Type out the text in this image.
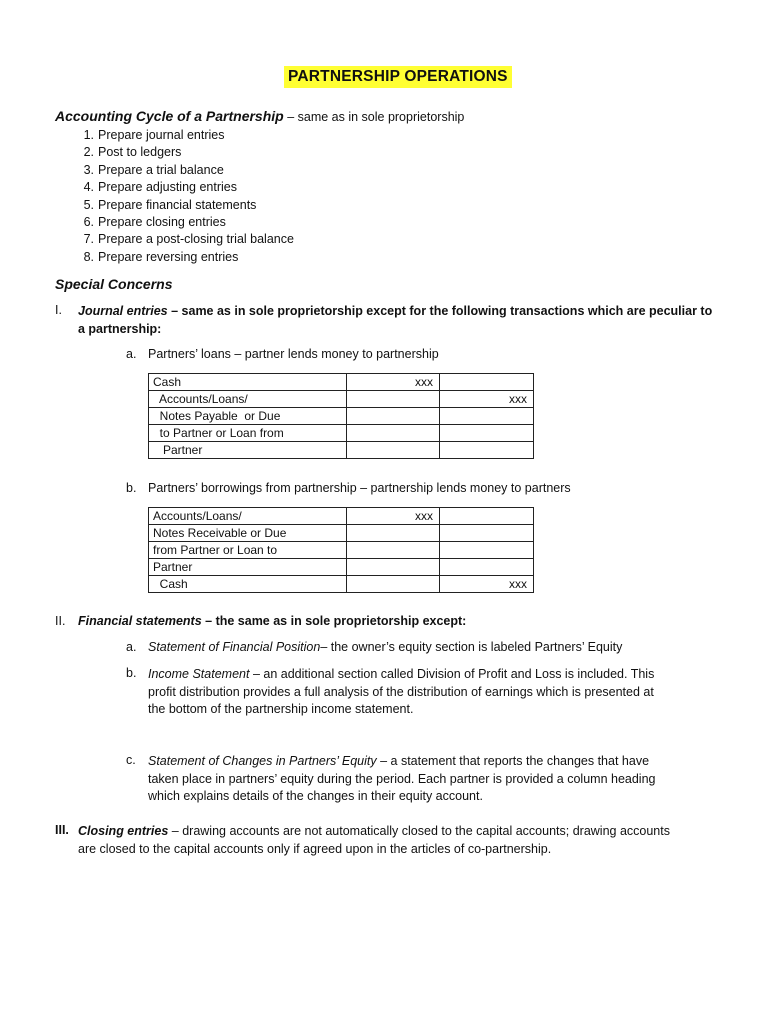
PARTNERSHIP OPERATIONS
Accounting Cycle of a Partnership – same as in sole proprietorship
1. Prepare journal entries
2. Post to ledgers
3. Prepare a trial balance
4. Prepare adjusting entries
5. Prepare financial statements
6. Prepare closing entries
7. Prepare a post-closing trial balance
8. Prepare reversing entries
Special Concerns
I. Journal entries – same as in sole proprietorship except for the following transactions which are peculiar to
a partnership:
a. Partners’ loans – partner lends money to partnership
Cash	xxx	
Accounts/Loans/		xxx
Notes Payable  or Due		
to Partner or Loan from		
Partner		
b. Partners’ borrowings from partnership – partnership lends money to partners
Accounts/Loans/	xxx	
Notes Receivable or Due		
from Partner or Loan to		
Partner		
Cash		xxx
II. Financial statements – the same as in sole proprietorship except:
a. Statement of Financial Position– the owner’s equity section is labeled Partners’ Equity
b. Income Statement – an additional section called Division of Profit and Loss is included. This
profit distribution provides a full analysis of the distribution of earnings which is presented at
the bottom of the partnership income statement.
c. Statement of Changes in Partners’ Equity – a statement that reports the changes that have
taken place in partners’ equity during the period. Each partner is provided a column heading
which explains details of the changes in their equity account.
III. Closing entries – drawing accounts are not automatically closed to the capital accounts; drawing accounts
are closed to the capital accounts only if agreed upon in the articles of co-partnership.
